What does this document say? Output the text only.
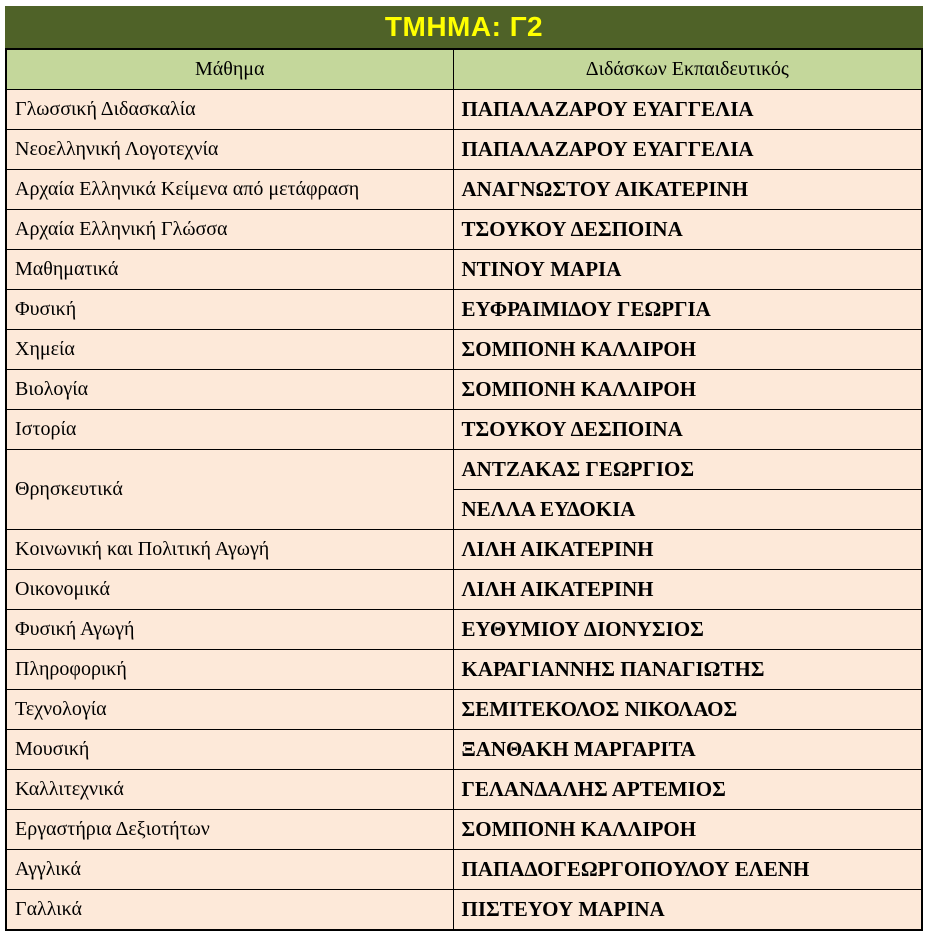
ΤΜΗΜΑ: Γ2
Μάθημα	Διδάσκων Εκπαιδευτικός
Γλωσσική Διδασκαλία	ΠΑΠΑΛΑΖΑΡΟΥ ΕΥΑΓΓΕΛΙΑ
Νεοελληνική Λογοτεχνία	ΠΑΠΑΛΑΖΑΡΟΥ ΕΥΑΓΓΕΛΙΑ
Αρχαία Ελληνικά Κείμενα από μετάφραση	ΑΝΑΓΝΩΣΤΟΥ ΑΙΚΑΤΕΡΙΝΗ
Αρχαία Ελληνική Γλώσσα	ΤΣΟΥΚΟΥ ΔΕΣΠΟΙΝΑ
Μαθηματικά	ΝΤΙΝΟΥ ΜΑΡΙΑ
Φυσική	ΕΥΦΡΑΙΜΙΔΟΥ ΓΕΩΡΓΙΑ
Χημεία	ΣΟΜΠΟΝΗ ΚΑΛΛΙΡΟΗ
Βιολογία	ΣΟΜΠΟΝΗ ΚΑΛΛΙΡΟΗ
Ιστορία	ΤΣΟΥΚΟΥ ΔΕΣΠΟΙΝΑ
Θρησκευτικά	ΑΝΤΖΑΚΑΣ ΓΕΩΡΓΙΟΣ
	ΝΕΛΛΑ ΕΥΔΟΚΙΑ
Κοινωνική και Πολιτική Αγωγή	ΛΙΛΗ ΑΙΚΑΤΕΡΙΝΗ
Οικονομικά	ΛΙΛΗ ΑΙΚΑΤΕΡΙΝΗ
Φυσική Αγωγή	ΕΥΘΥΜΙΟΥ ΔΙΟΝΥΣΙΟΣ
Πληροφορική	ΚΑΡΑΓΙΑΝΝΗΣ ΠΑΝΑΓΙΩΤΗΣ
Τεχνολογία	ΣΕΜΙΤΕΚΟΛΟΣ ΝΙΚΟΛΑΟΣ
Μουσική	ΞΑΝΘΑΚΗ ΜΑΡΓΑΡΙΤΑ
Καλλιτεχνικά	ΓΕΛΑΝΔΑΛΗΣ ΑΡΤΕΜΙΟΣ
Εργαστήρια Δεξιοτήτων	ΣΟΜΠΟΝΗ ΚΑΛΛΙΡΟΗ
Αγγλικά	ΠΑΠΑΔΟΓΕΩΡΓΟΠΟΥΛΟΥ ΕΛΕΝΗ
Γαλλικά	ΠΙΣΤΕΥΟΥ ΜΑΡΙΝΑ
